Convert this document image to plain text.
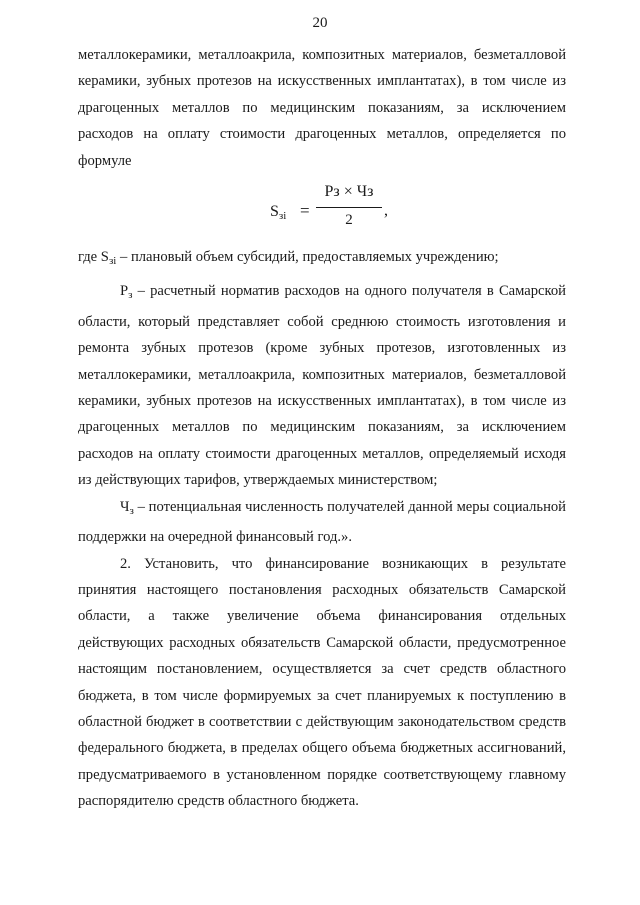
20

металлокерамики, металлоакрила, композитных материалов, безметалловой керамики, зубных протезов на искусственных имплантатах), в том числе из драгоценных металлов по медицинским показаниям, за исключением расходов на оплату стоимости драгоценных металлов, определяется по формуле

Sзi =
Pз × Чз
2
,

где $S_{зi}$ – плановый объем субсидий, предоставляемых учреждению;

$P_з$ – расчетный норматив расходов на одного получателя в Самарской области, который представляет собой среднюю стоимость изготовления и ремонта зубных протезов (кроме зубных протезов, изготовленных из металлокерамики, металлоакрила, композитных материалов, безметалловой керамики, зубных протезов на искусственных имплантатах), в том числе из драгоценных металлов по медицинским показаниям, за исключением расходов на оплату стоимости драгоценных металлов, определяемый исходя из действующих тарифов, утверждаемых министерством;

$Ч_з$ – потенциальная численность получателей данной меры социальной поддержки на очередной финансовый год.».

2. Установить, что финансирование возникающих в результате принятия настоящего постановления расходных обязательств Самарской области, а также увеличение объема финансирования отдельных действующих расходных обязательств Самарской области, предусмотренное настоящим постановлением, осуществляется за счет средств областного бюджета, в том числе формируемых за счет планируемых к поступлению в областной бюджет в соответствии с действующим законодательством средств федерального бюджета, в пределах общего объема бюджетных ассигнований, предусматриваемого в установленном порядке соответствующему главному распорядителю средств областного бюджета.
